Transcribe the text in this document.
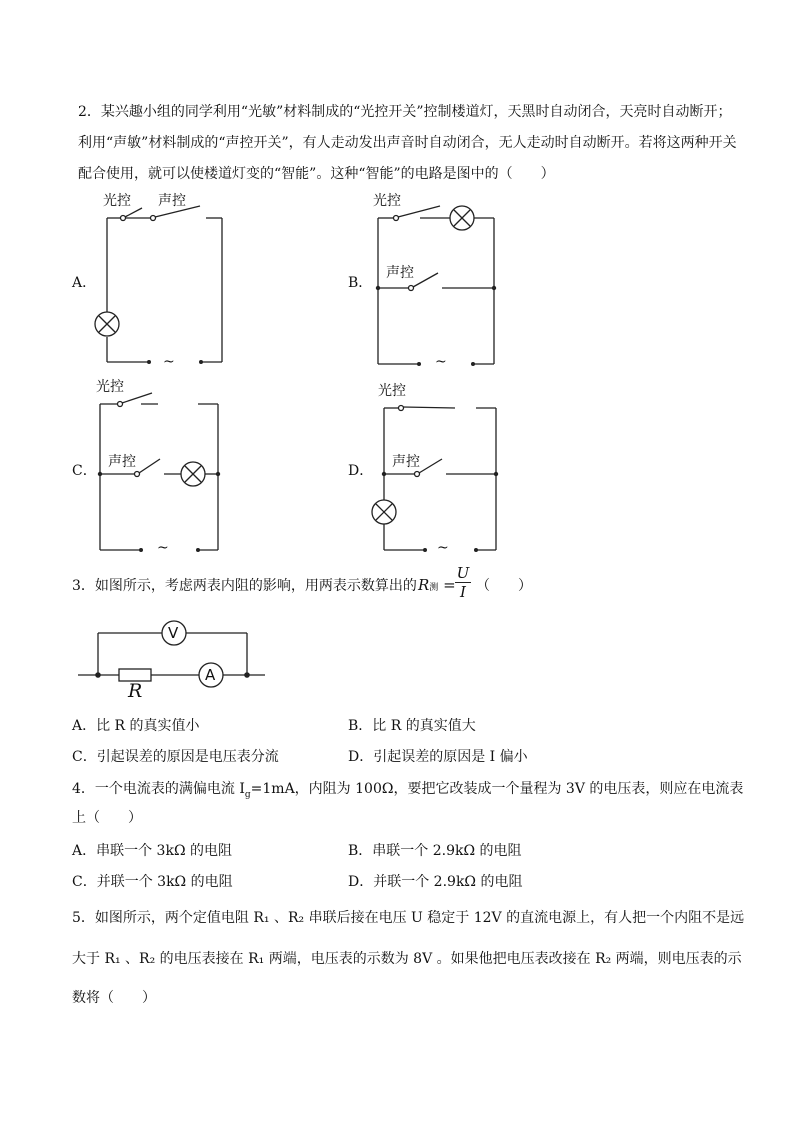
2．某兴趣小组的同学利用“光敏”材料制成的“光控开关”控制楼道灯，天黑时自动闭合，天亮时自动断开；
利用“声敏”材料制成的“声控开关”，有人走动发出声音时自动闭合，无人走动时自动断开。若将这两种开关
配合使用，就可以使楼道灯变的“智能”。这种“智能”的电路是图中的（　　）
A．	B．
C．	D．
光控 声控
~
光控
声控
~
光控
声控
~
光控
声控
~
3．如图所示，考虑两表内阻的影响，用两表示数算出的 R测 =
U
I （　　）
V
A
R
A．比 R 的真实值小	B．比 R 的真实值大
C．引起误差的原因是电压表分流	D．引起误差的原因是 I 偏小
4．一个电流表的满偏电流 $I_g=1mA$，内阻为 100Ω，要把它改装成一个量程为 3V 的电压表，则应在电流表
上（　　）
A．串联一个 3kΩ 的电阻	B．串联一个 2.9kΩ 的电阻
C．并联一个 3kΩ 的电阻	D．并联一个 2.9kΩ 的电阻
5．如图所示，两个定值电阻 R₁ 、R₂ 串联后接在电压 U 稳定于 12V 的直流电源上，有人把一个内阻不是远
大于 R₁ 、R₂ 的电压表接在 R₁ 两端，电压表的示数为 8V 。如果他把电压表改接在 R₂ 两端，则电压表的示
数将（　　）
